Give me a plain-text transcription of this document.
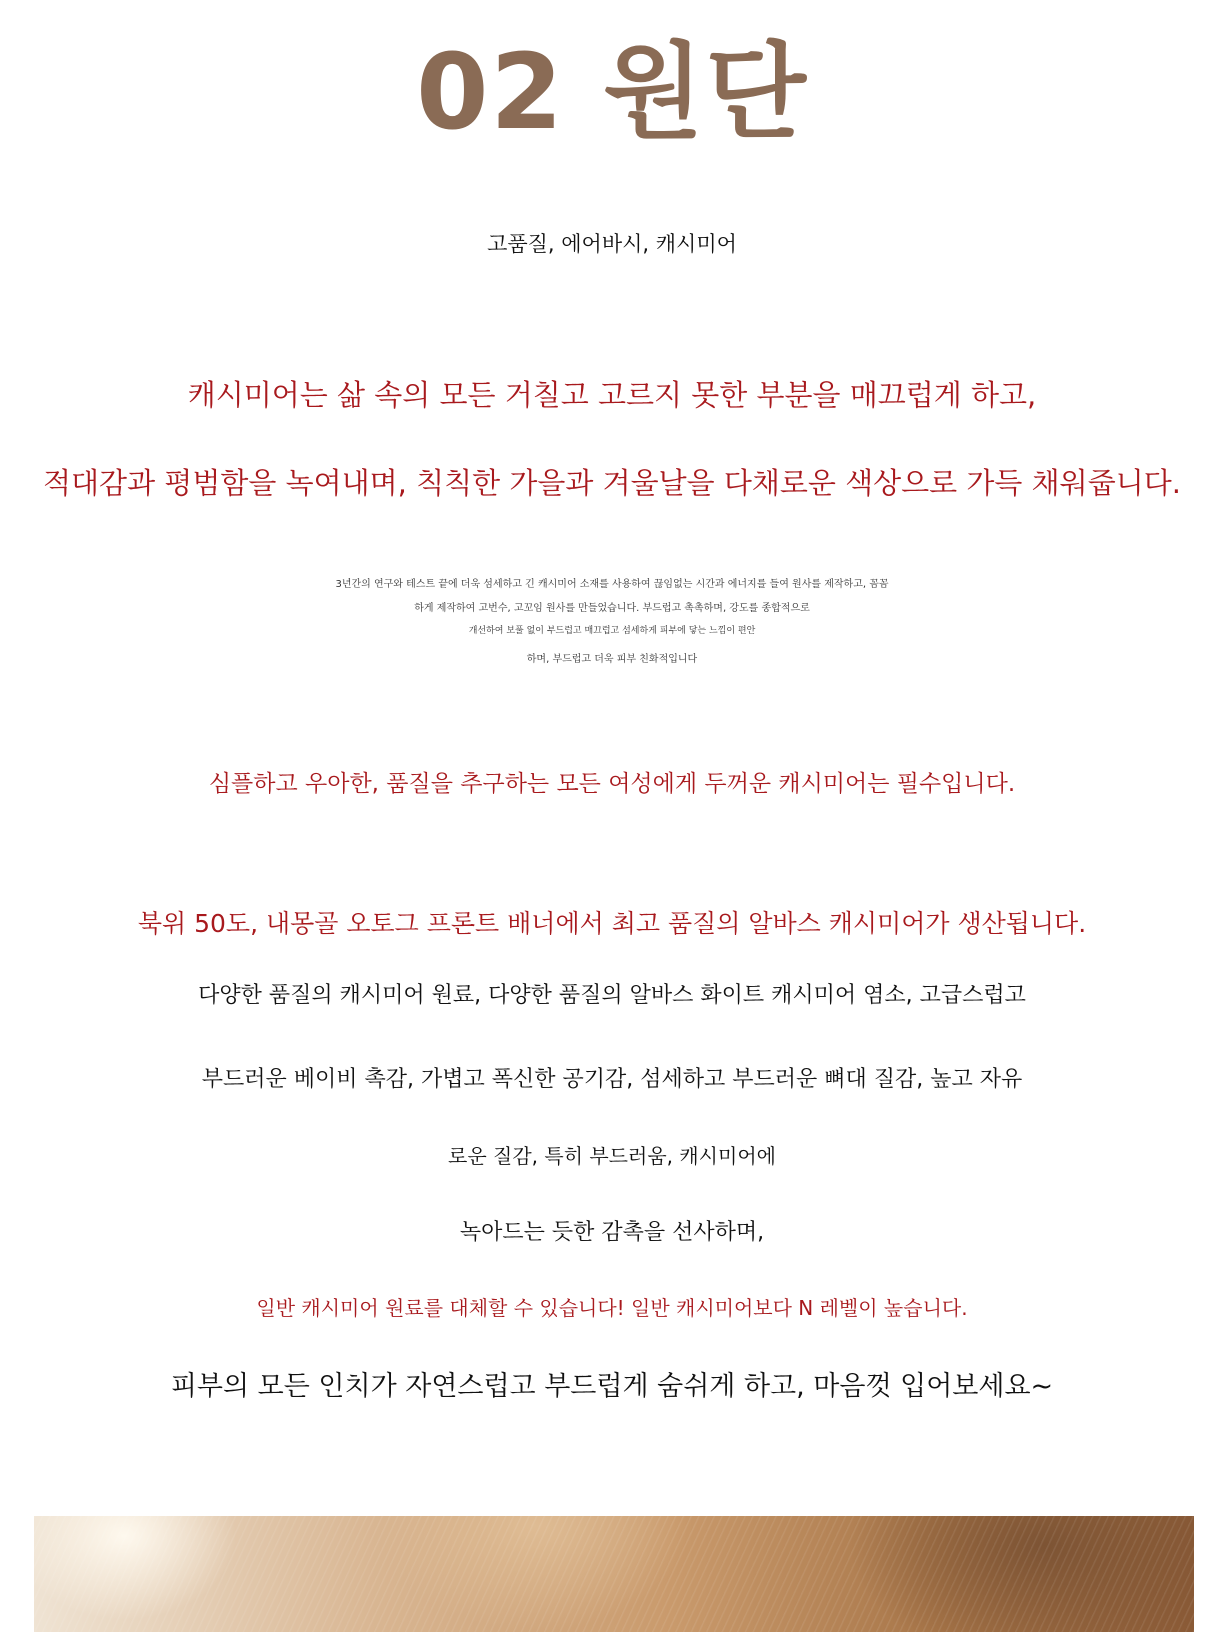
02 원단
고품질, 에어바시, 캐시미어
캐시미어는 삶 속의 모든 거칠고 고르지 못한 부분을 매끄럽게 하고,
적대감과 평범함을 녹여내며, 칙칙한 가을과 겨울날을 다채로운 색상으로 가득 채워줍니다.
3년간의 연구와 테스트 끝에 더욱 섬세하고 긴 캐시미어 소재를 사용하여 끊임없는 시간과 에너지를 들여 원사를 제작하고, 꼼꼼
하게 제작하여 고번수, 고꼬임 원사를 만들었습니다. 부드럽고 촉촉하며, 강도를 종합적으로
개선하여 보풀 없이 부드럽고 매끄럽고 섬세하게 피부에 닿는 느낌이 편안
하며, 부드럽고 더욱 피부 친화적입니다
심플하고 우아한, 품질을 추구하는 모든 여성에게 두꺼운 캐시미어는 필수입니다.
북위 50도, 내몽골 오토그 프론트 배너에서 최고 품질의 알바스 캐시미어가 생산됩니다.
다양한 품질의 캐시미어 원료, 다양한 품질의 알바스 화이트 캐시미어 염소, 고급스럽고
부드러운 베이비 촉감, 가볍고 폭신한 공기감, 섬세하고 부드러운 뼈대 질감, 높고 자유
로운 질감, 특히 부드러움, 캐시미어에
녹아드는 듯한 감촉을 선사하며,
일반 캐시미어 원료를 대체할 수 있습니다! 일반 캐시미어보다 N 레벨이 높습니다.
피부의 모든 인치가 자연스럽고 부드럽게 숨쉬게 하고, 마음껏 입어보세요~
